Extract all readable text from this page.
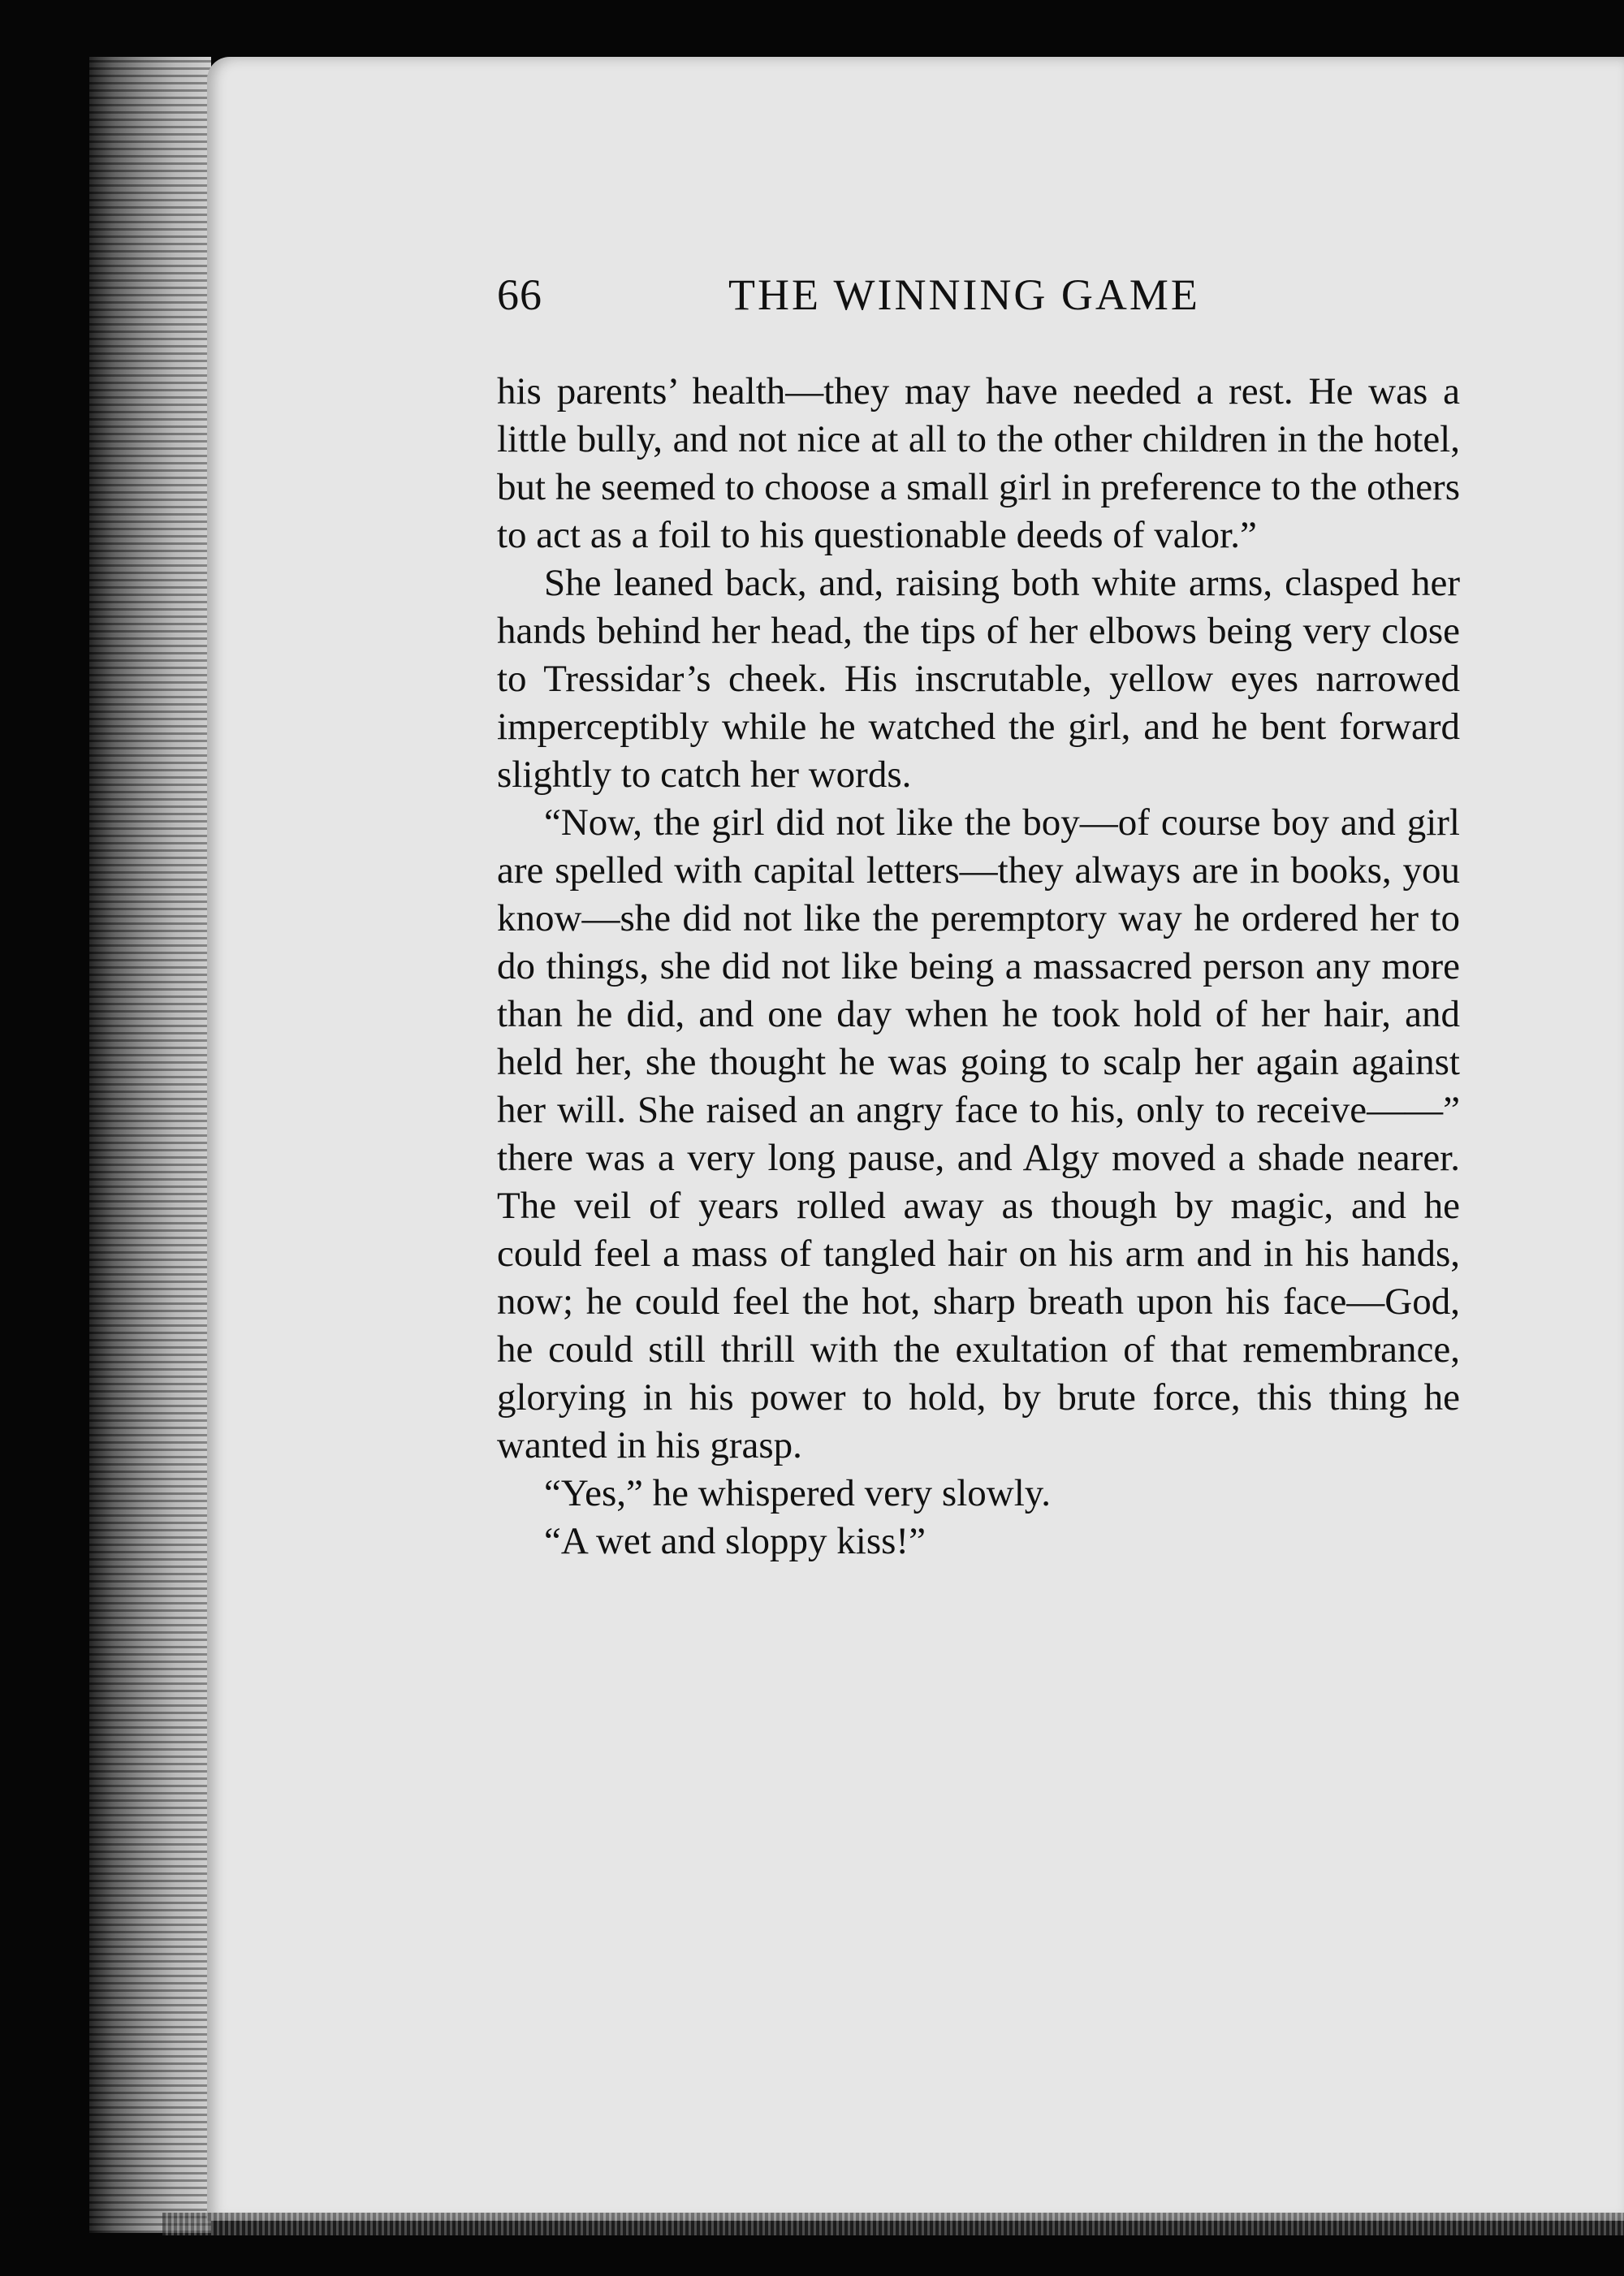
66	THE WINNING GAME

his parents’ health—they may have needed a rest. He was a little bully, and not nice at all to the other children in the hotel, but he seemed to choose a small girl in preference to the others to act as a foil to his questionable deeds of valor.”

She leaned back, and, raising both white arms, clasped her hands behind her head, the tips of her elbows being very close to Tressidar’s cheek. His inscrutable, yellow eyes narrowed imperceptibly while he watched the girl, and he bent forward slightly to catch her words.

“Now, the girl did not like the boy—of course boy and girl are spelled with capital letters—they always are in books, you know—she did not like the peremptory way he ordered her to do things, she did not like being a massacred person any more than he did, and one day when he took hold of her hair, and held her, she thought he was going to scalp her again against her will. She raised an angry face to his, only to receive——” there was a very long pause, and Algy moved a shade nearer. The veil of years rolled away as though by magic, and he could feel a mass of tangled hair on his arm and in his hands, now; he could feel the hot, sharp breath upon his face—God, he could still thrill with the exultation of that remembrance, glorying in his power to hold, by brute force, this thing he wanted in his grasp.

“Yes,” he whispered very slowly.

“A wet and sloppy kiss!”
